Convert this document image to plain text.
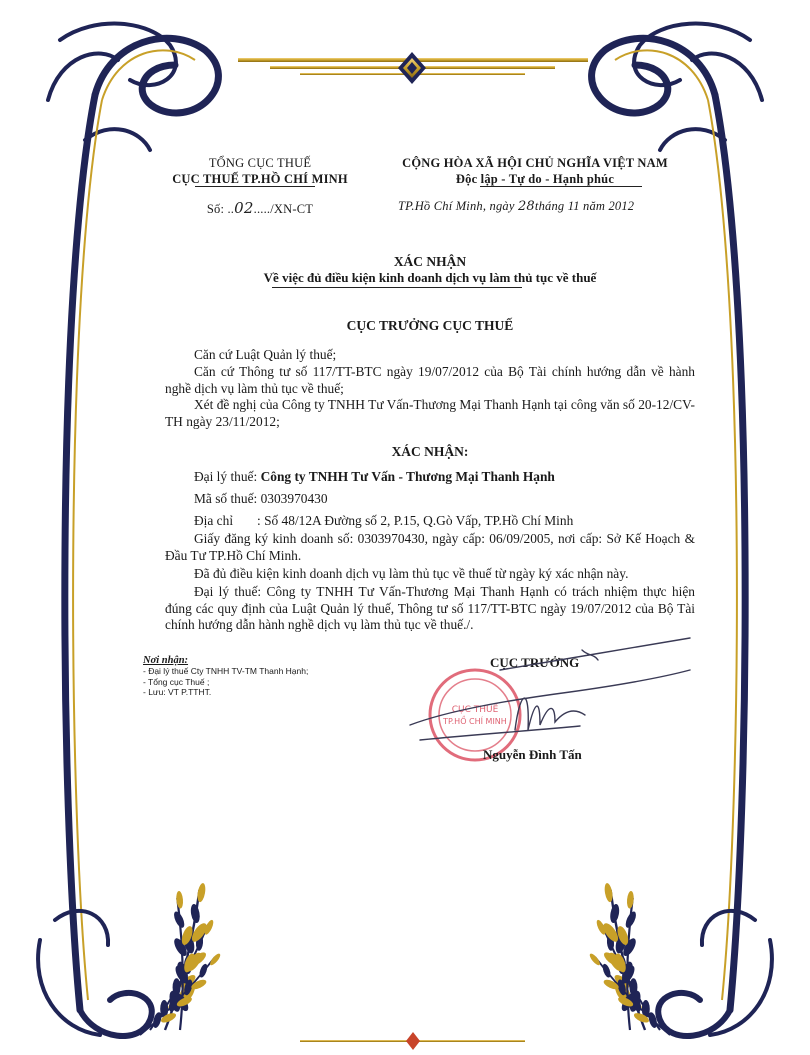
TỔNG CỤC THUẾ
CỤC THUẾ TP.HỒ CHÍ MINH
Số: ..02...../XN-CT
CỘNG HÒA XÃ HỘI CHỦ NGHĨA VIỆT NAM
Độc lập - Tự do - Hạnh phúc
TP.Hồ Chí Minh, ngày 28tháng 11 năm 2012
XÁC NHẬN
Về việc đủ điều kiện kinh doanh dịch vụ làm thủ tục về thuế
CỤC TRƯỞNG CỤC THUẾ
Căn cứ Luật Quản lý thuế;
Căn cứ Thông tư số 117/TT-BTC ngày 19/07/2012 của Bộ Tài chính hướng dẫn về hành nghề dịch vụ làm thủ tục về thuế;
Xét đề nghị của Công ty TNHH Tư Vấn-Thương Mại Thanh Hạnh tại công văn số 20-12/CV-TH ngày 23/11/2012;
XÁC NHẬN:
Đại lý thuế: Công ty TNHH Tư Vấn - Thương Mại Thanh Hạnh
Mã số thuế: 0303970430
Địa chỉ : Số 48/12A Đường số 2, P.15, Q.Gò Vấp, TP.Hồ Chí Minh
Giấy đăng ký kinh doanh số: 0303970430, ngày cấp: 06/09/2005, nơi cấp: Sở Kế Hoạch & Đầu Tư TP.Hồ Chí Minh.
Đã đủ điều kiện kinh doanh dịch vụ làm thủ tục về thuế từ ngày ký xác nhận này.
Đại lý thuế: Công ty TNHH Tư Vấn-Thương Mại Thanh Hạnh có trách nhiệm thực hiện đúng các quy định của Luật Quản lý thuế, Thông tư số 117/TT-BTC ngày 19/07/2012 của Bộ Tài chính hướng dẫn hành nghề dịch vụ làm thủ tục về thuế./.
Nơi nhận:
- Đại lý thuế Cty TNHH TV-TM Thanh Hạnh;
- Tổng cục Thuế ;
- Lưu: VT P.TTHT.
CỤC TRƯỞNG
CỤC THUẾ
TP.HỒ CHÍ MINH
Nguyễn Đình Tấn
